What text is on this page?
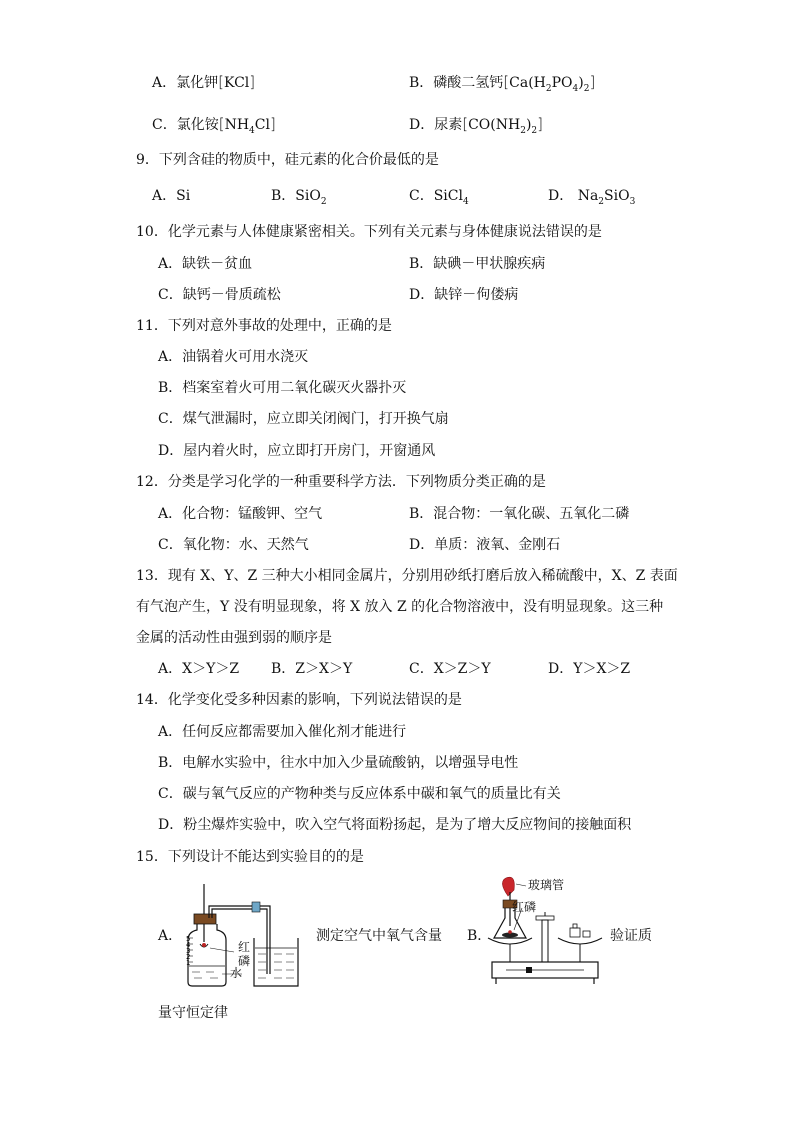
A．氯化钾[KCl]	B．磷酸二氢钙$[Ca(H_2PO_4)_2]$
C．氯化铵$[NH_4Cl]$	D．尿素$[CO(NH_2)_2]$
9．下列含硅的物质中，硅元素的化合价最低的是
A．Si	B．SiO$_2$	C．SiCl$_4$	D． $Na_2SiO_3$
10．化学元素与人体健康紧密相关。下列有关元素与身体健康说法错误的是
A．缺铁－贫血	B．缺碘－甲状腺疾病
C．缺钙－骨质疏松	D．缺锌－佝偻病
11．下列对意外事故的处理中，正确的是
A．油锅着火可用水浇灭
B．档案室着火可用二氧化碳灭火器扑灭
C．煤气泄漏时，应立即关闭阀门，打开换气扇
D．屋内着火时，应立即打开房门，开窗通风
12．分类是学习化学的一种重要科学方法．下列物质分类正确的是
A．化合物：锰酸钾、空气	B．混合物：一氧化碳、五氧化二磷
C．氧化物：水、天然气	D．单质：液氧、金刚石
13．现有 X、Y、Z 三种大小相同金属片，分别用砂纸打磨后放入稀硫酸中，X、Z 表面
有气泡产生，Y 没有明显现象，将 X 放入 Z 的化合物溶液中，没有明显现象。这三种
金属的活动性由强到弱的顺序是
A．X＞Y＞Z B．Z＞X＞Y	C．X＞Z＞Y	D．Y＞X＞Z
14．化学变化受多种因素的影响，下列说法错误的是
A．任何反应都需要加入催化剂才能进行
B．电解水实验中，往水中加入少量硫酸钠，以增强导电性
C．碳与氧气反应的产物种类与反应体系中碳和氧气的质量比有关
D．粉尘爆炸实验中，吹入空气将面粉扬起，是为了增大反应物间的接触面积
15．下列设计不能达到实验目的的是
A． 5
4
3
2
1
红磷
水
测定空气中氧气含量 B．
玻璃管
红磷
验证质
量守恒定律
